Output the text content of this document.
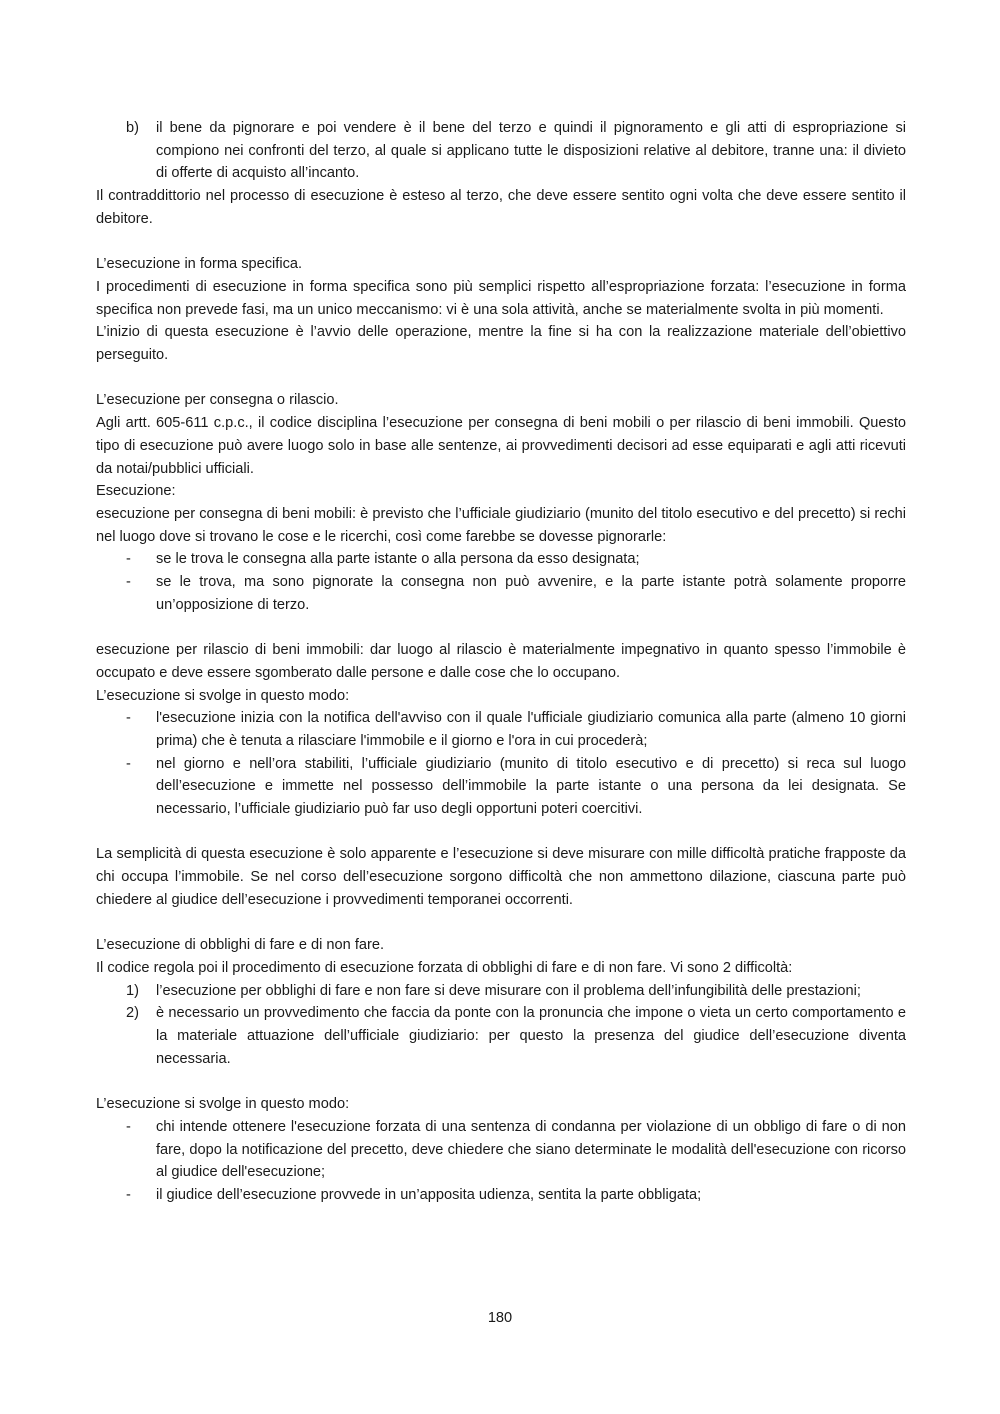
b)	il bene da pignorare e poi vendere è il bene del terzo e quindi il pignoramento e gli atti di espropriazione si compiono nei confronti del terzo, al quale si applicano tutte le disposizioni relative al debitore, tranne una: il divieto di offerte di acquisto all’incanto.

Il contraddittorio nel processo di esecuzione è esteso al terzo, che deve essere sentito ogni volta che deve essere sentito il debitore.

L’esecuzione in forma specifica.

I procedimenti di esecuzione in forma specifica sono più semplici rispetto all’espropriazione forzata: l’esecuzione in forma specifica non prevede fasi, ma un unico meccanismo: vi è una sola attività, anche se materialmente svolta in più momenti.

L’inizio di questa esecuzione è l’avvio delle operazione, mentre la fine si ha con la realizzazione materiale dell’obiettivo perseguito.

L’esecuzione per consegna o rilascio.

Agli artt. 605-611 c.p.c., il codice disciplina l’esecuzione per consegna di beni mobili o per rilascio di beni immobili. Questo tipo di esecuzione può avere luogo solo in base alle sentenze, ai provvedimenti decisori ad esse equiparati e agli atti ricevuti da notai/pubblici ufficiali.

Esecuzione:

esecuzione per consegna di beni mobili: è previsto che l’ufficiale giudiziario (munito del titolo esecutivo e del precetto) si rechi nel luogo dove si trovano le cose e le ricerchi, così come farebbe se dovesse pignorarle:

-	se le trova le consegna alla parte istante o alla persona da esso designata;
-	se le trova, ma sono pignorate la consegna non può avvenire, e la parte istante potrà solamente proporre un’opposizione di terzo.

esecuzione per rilascio di beni immobili: dar luogo al rilascio è materialmente impegnativo in quanto spesso l’immobile è occupato e deve essere sgomberato dalle persone e dalle cose che lo occupano.

L’esecuzione si svolge in questo modo:

-	l'esecuzione inizia con la notifica dell'avviso con il quale l'ufficiale giudiziario comunica alla parte (almeno 10 giorni prima) che è tenuta a rilasciare l'immobile e il giorno e l'ora in cui procederà;
-	nel giorno e nell’ora stabiliti, l’ufficiale giudiziario (munito di titolo esecutivo e di precetto) si reca sul luogo dell’esecuzione e immette nel possesso dell’immobile la parte istante o una persona da lei designata. Se necessario, l’ufficiale giudiziario può far uso degli opportuni poteri coercitivi.

La semplicità di questa esecuzione è solo apparente e l’esecuzione si deve misurare con mille difficoltà pratiche frapposte da chi occupa l’immobile. Se nel corso dell’esecuzione sorgono difficoltà che non ammettono dilazione, ciascuna parte può chiedere al giudice dell’esecuzione i provvedimenti temporanei occorrenti.

L’esecuzione di obblighi di fare e di non fare.

Il codice regola poi il procedimento di esecuzione forzata di obblighi di fare e di non fare. Vi sono 2 difficoltà:

1)	l’esecuzione per obblighi di fare e non fare si deve misurare con il problema dell’infungibilità delle prestazioni;
2)	è necessario un provvedimento che faccia da ponte con la pronuncia che impone o vieta un certo comportamento e la materiale attuazione dell’ufficiale giudiziario: per questo la presenza del giudice dell’esecuzione diventa necessaria.

L’esecuzione si svolge in questo modo:

-	chi intende ottenere l'esecuzione forzata di una sentenza di condanna per violazione di un obbligo di fare o di non fare, dopo la notificazione del precetto, deve chiedere che siano determinate le modalità dell'esecuzione con ricorso al giudice dell'esecuzione;
-	il giudice dell’esecuzione provvede in un’apposita udienza, sentita la parte obbligata;
180
